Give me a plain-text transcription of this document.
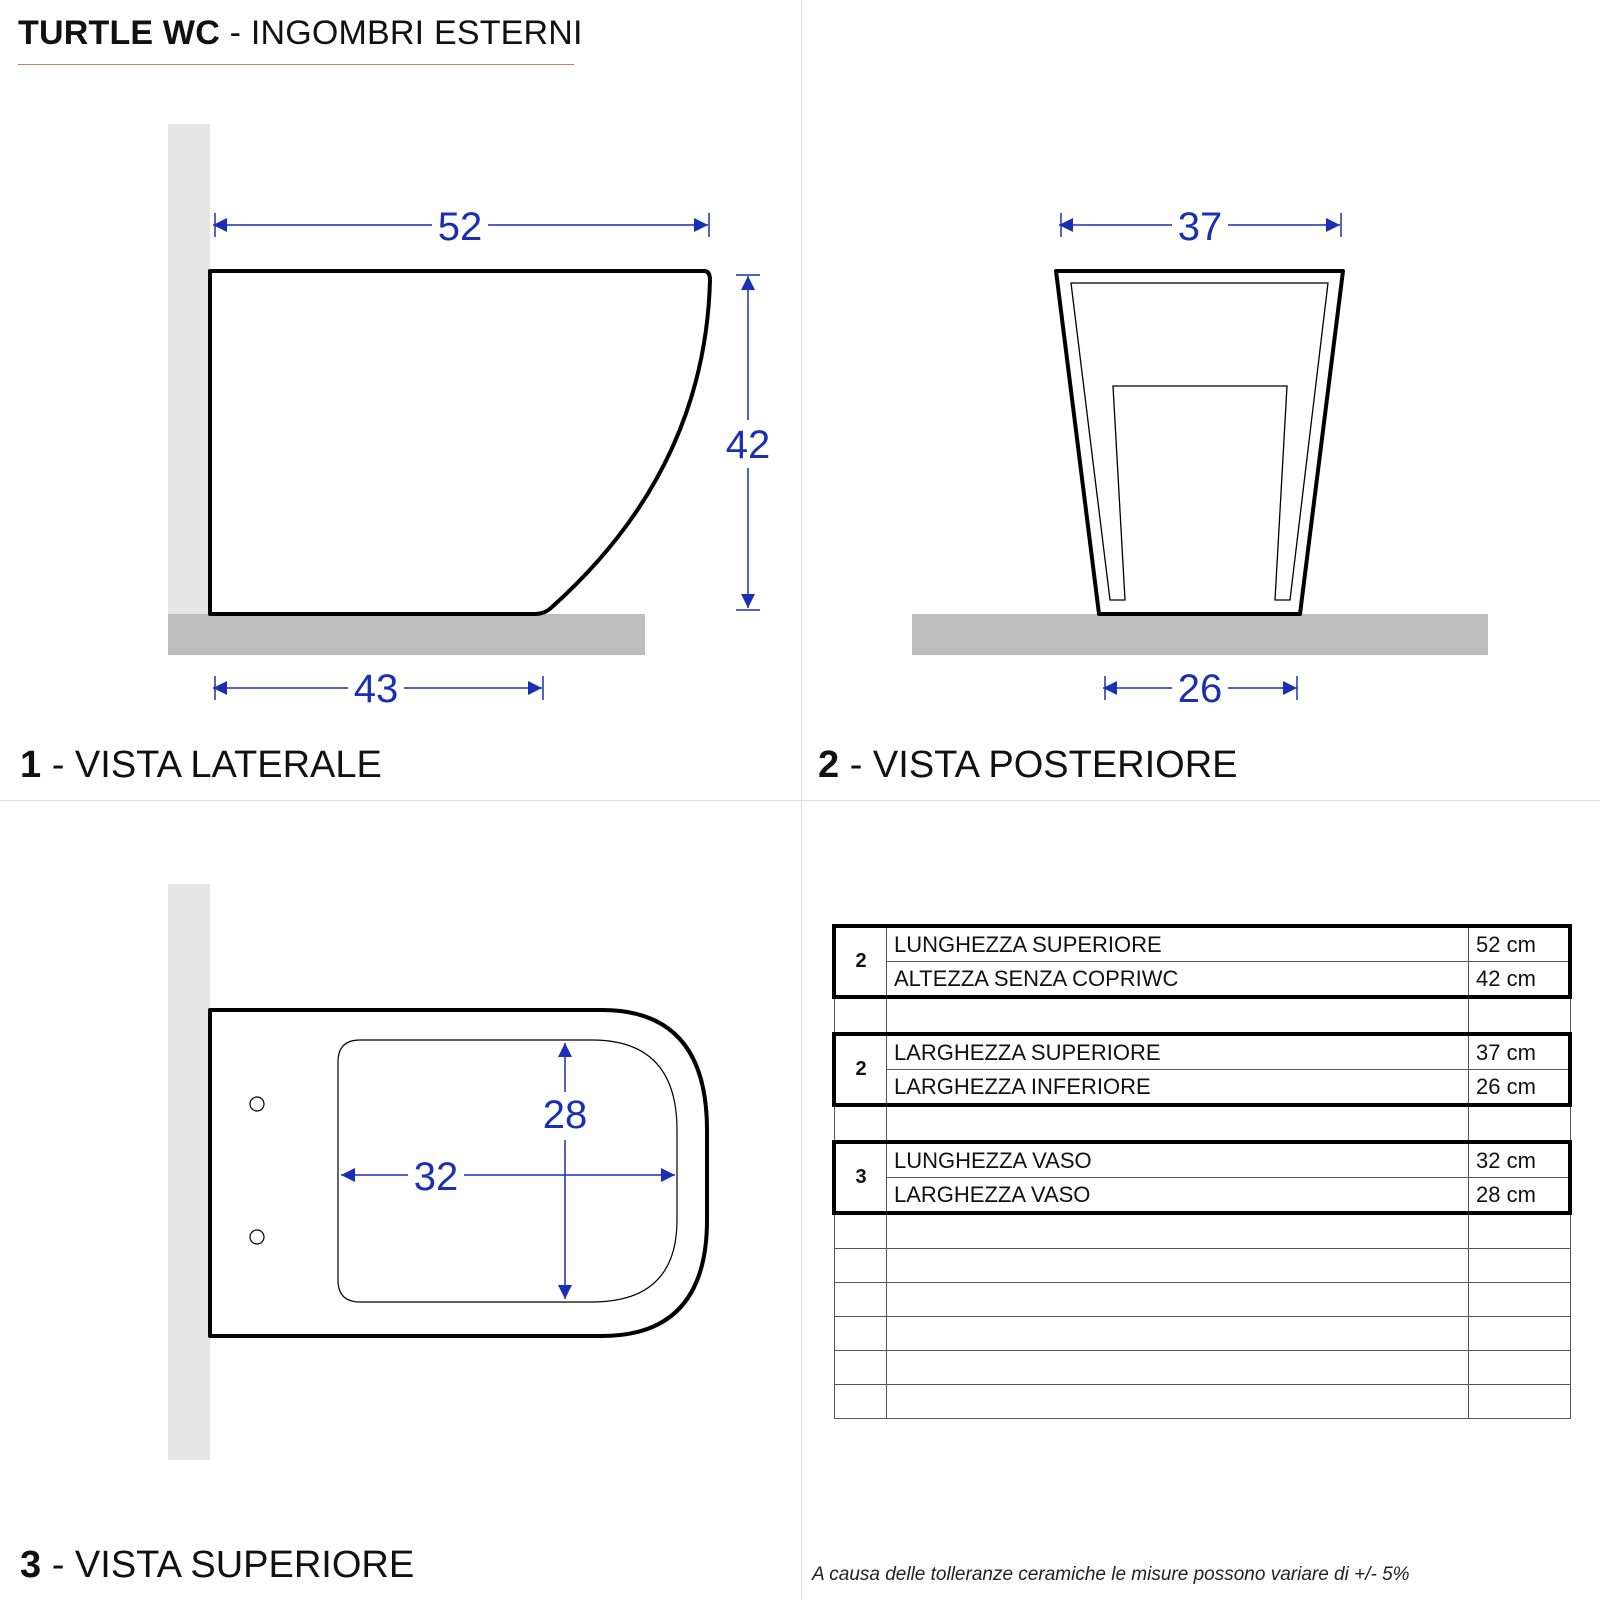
TURTLE WC - INGOMBRI ESTERNI
52
42
43
37
26
32
28
1 - VISTA LATERALE	2 - VISTA POSTERIORE
3 - VISTA SUPERIORE
2	LUNGHEZZA SUPERIORE	52 cm
	ALTEZZA SENZA COPRIWC	42 cm

2	LARGHEZZA SUPERIORE	37 cm
	LARGHEZZA INFERIORE	26 cm

3	LUNGHEZZA VASO	32 cm
	LARGHEZZA VASO	28 cm

A causa delle tolleranze ceramiche le misure possono variare di +/- 5%
